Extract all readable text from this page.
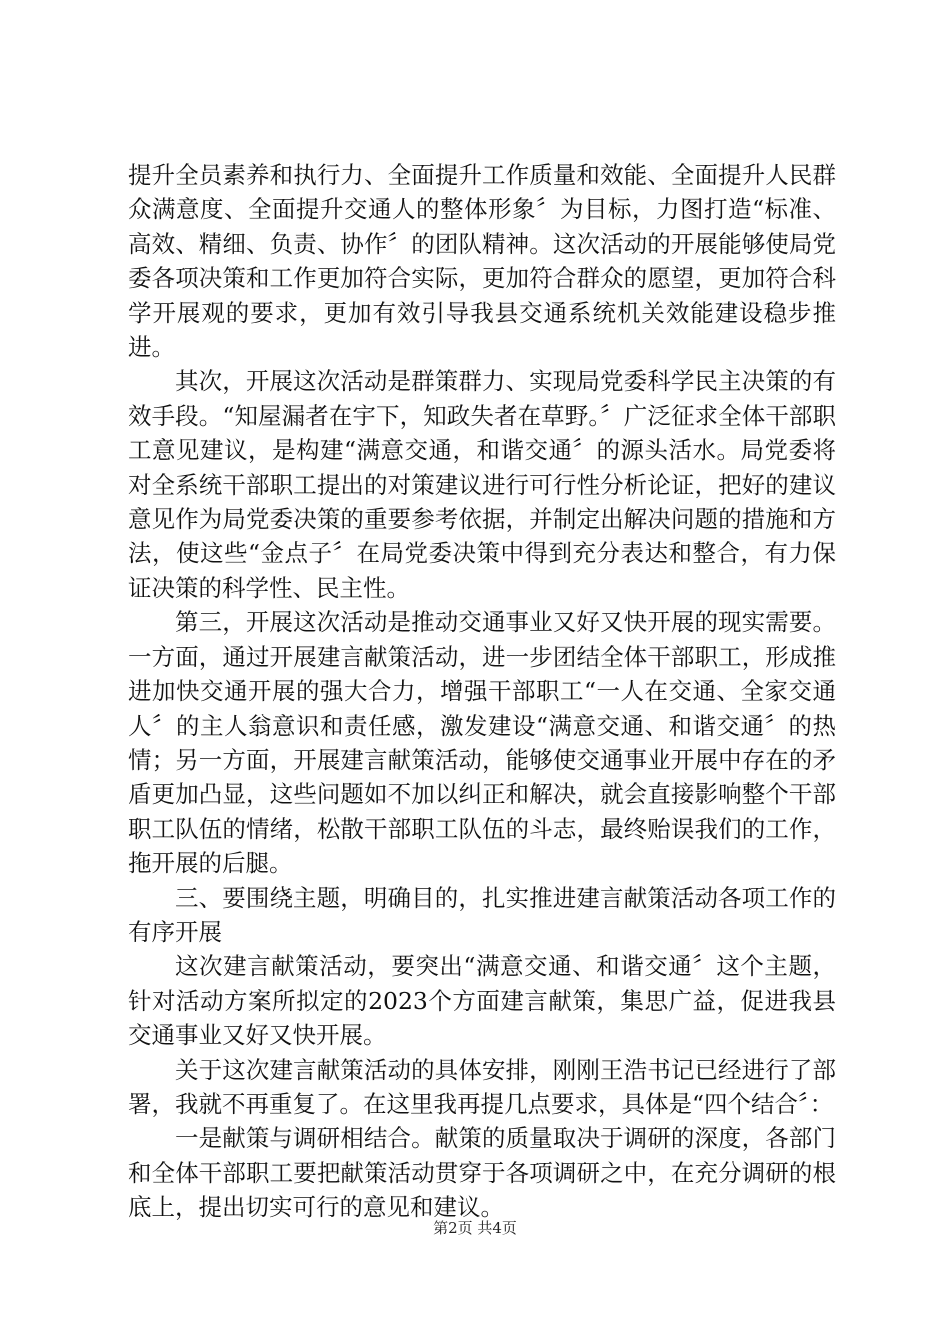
提升全员素养和执行力、全面提升工作质量和效能、全面提升人民群众满意度、全面提升交通人的整体形象〞为目标，力图打造“标准、高效、精细、负责、协作〞的团队精神。这次活动的开展能够使局党委各项决策和工作更加符合实际，更加符合群众的愿望，更加符合科学开展观的要求，更加有效引导我县交通系统机关效能建设稳步推进。

其次，开展这次活动是群策群力、实现局党委科学民主决策的有效手段。“知屋漏者在宇下，知政失者在草野。〞广泛征求全体干部职工意见建议，是构建“满意交通，和谐交通〞的源头活水。局党委将对全系统干部职工提出的对策建议进行可行性分析论证，把好的建议意见作为局党委决策的重要参考依据，并制定出解决问题的措施和方法，使这些“金点子〞在局党委决策中得到充分表达和整合，有力保证决策的科学性、民主性。

第三，开展这次活动是推动交通事业又好又快开展的现实需要。一方面，通过开展建言献策活动，进一步团结全体干部职工，形成推进加快交通开展的强大合力，增强干部职工“一人在交通、全家交通人〞的主人翁意识和责任感，激发建设“满意交通、和谐交通〞的热情；另一方面，开展建言献策活动，能够使交通事业开展中存在的矛盾更加凸显，这些问题如不加以纠正和解决，就会直接影响整个干部职工队伍的情绪，松散干部职工队伍的斗志，最终贻误我们的工作，拖开展的后腿。

三、要围绕主题，明确目的，扎实推进建言献策活动各项工作的有序开展

这次建言献策活动，要突出“满意交通、和谐交通〞这个主题，针对活动方案所拟定的2023个方面建言献策，集思广益，促进我县交通事业又好又快开展。

关于这次建言献策活动的具体安排，刚刚王浩书记已经进行了部署，我就不再重复了。在这里我再提几点要求，具体是“四个结合〞：

一是献策与调研相结合。献策的质量取决于调研的深度，各部门和全体干部职工要把献策活动贯穿于各项调研之中，在充分调研的根底上，提出切实可行的意见和建议。

第2页 共4页
